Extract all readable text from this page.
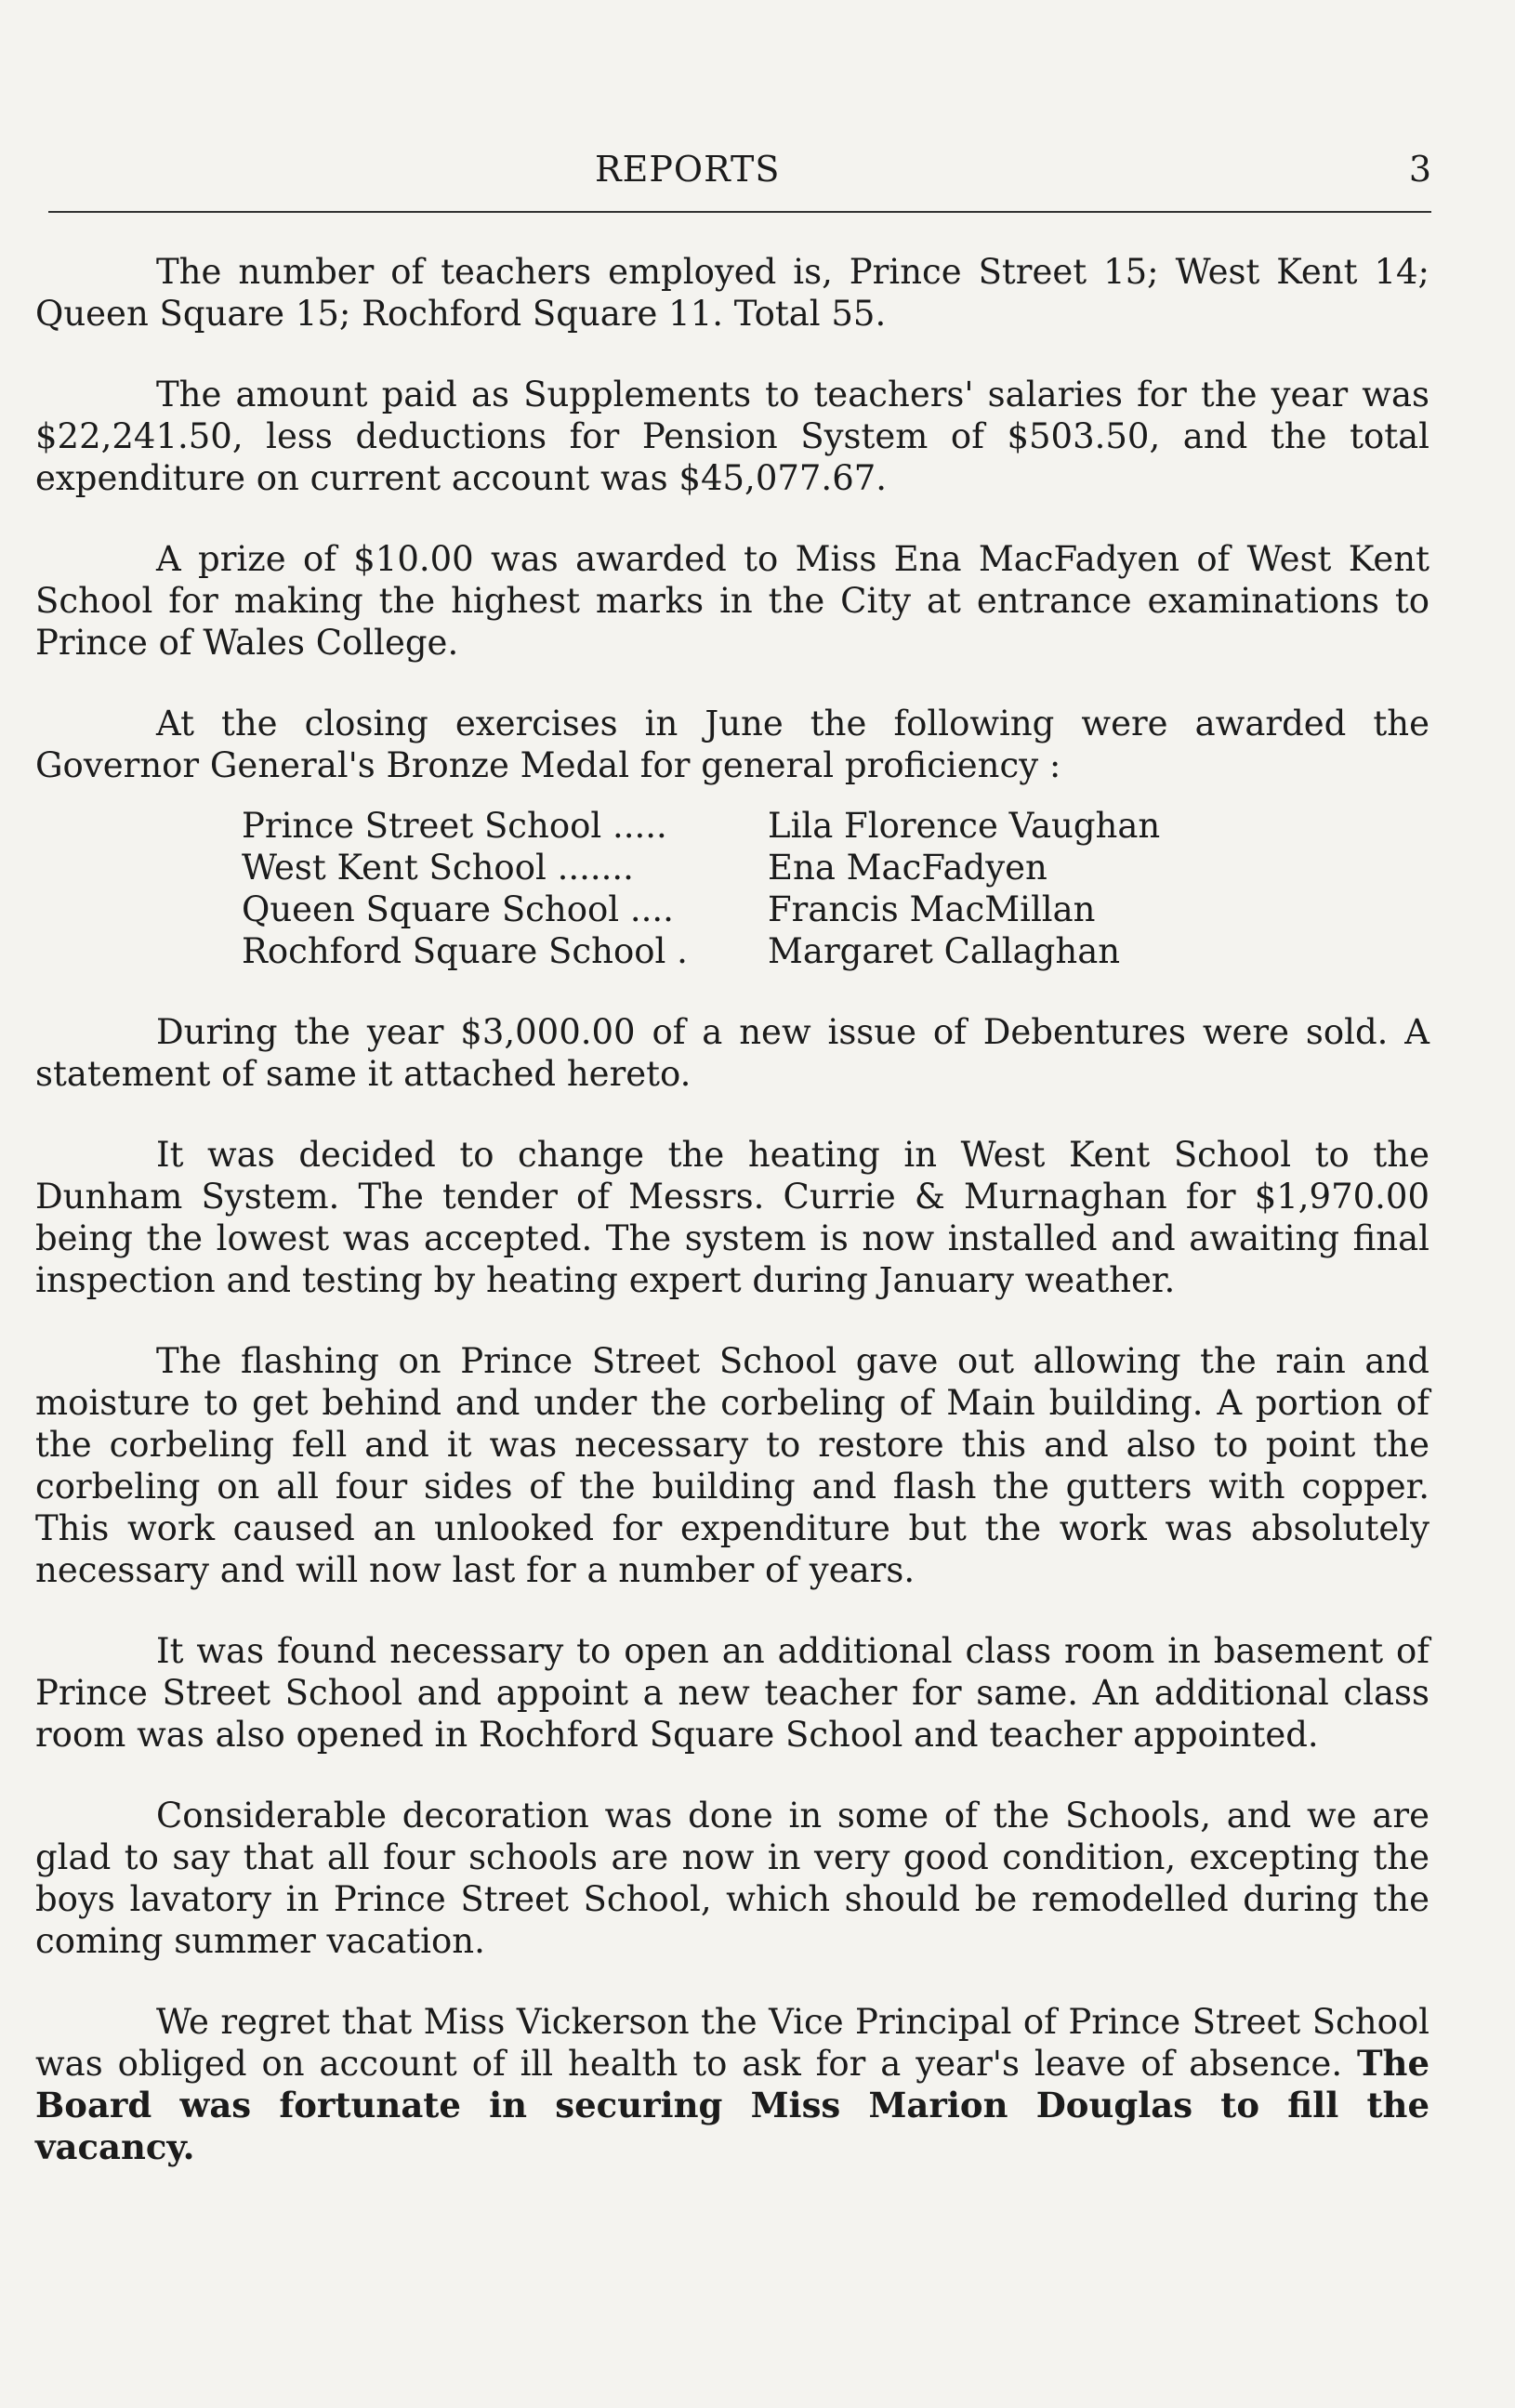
REPORTS	3

The number of teachers employed is, Prince Street 15; West Kent 14; Queen Square 15; Rochford Square 11. Total 55.

The amount paid as Supplements to teachers' salaries for the year was $22,241.50, less deductions for Pension System of $503.50, and the total expenditure on current account was $45,077.67.

A prize of $10.00 was awarded to Miss Ena MacFadyen of West Kent School for making the highest marks in the City at entrance examinations to Prince of Wales College.

At the closing exercises in June the following were awarded the Governor General's Bronze Medal for general proficiency :

Prince Street School .....	Lila Florence Vaughan
West Kent School .......	Ena MacFadyen
Queen Square School ....	Francis MacMillan
Rochford Square School . Margaret Callaghan

During the year $3,000.00 of a new issue of Debentures were sold. A statement of same it attached hereto.

It was decided to change the heating in West Kent School to the Dunham System. The tender of Messrs. Currie & Murnaghan for $1,970.00 being the lowest was accepted. The system is now installed and awaiting final inspection and testing by heating expert during January weather.

The flashing on Prince Street School gave out allowing the rain and moisture to get behind and under the corbeling of Main building. A portion of the corbeling fell and it was necessary to restore this and also to point the corbeling on all four sides of the building and flash the gutters with copper. This work caused an unlooked for expenditure but the work was absolutely necessary and will now last for a number of years.

It was found necessary to open an additional class room in basement of Prince Street School and appoint a new teacher for same. An additional class room was also opened in Rochford Square School and teacher appointed.

Considerable decoration was done in some of the Schools, and we are glad to say that all four schools are now in very good condition, excepting the boys lavatory in Prince Street School, which should be remodelled during the coming summer vacation.

We regret that Miss Vickerson the Vice Principal of Prince Street School was obliged on account of ill health to ask for a year's leave of absence. The Board was fortunate in securing Miss Marion Douglas to fill the vacancy.
